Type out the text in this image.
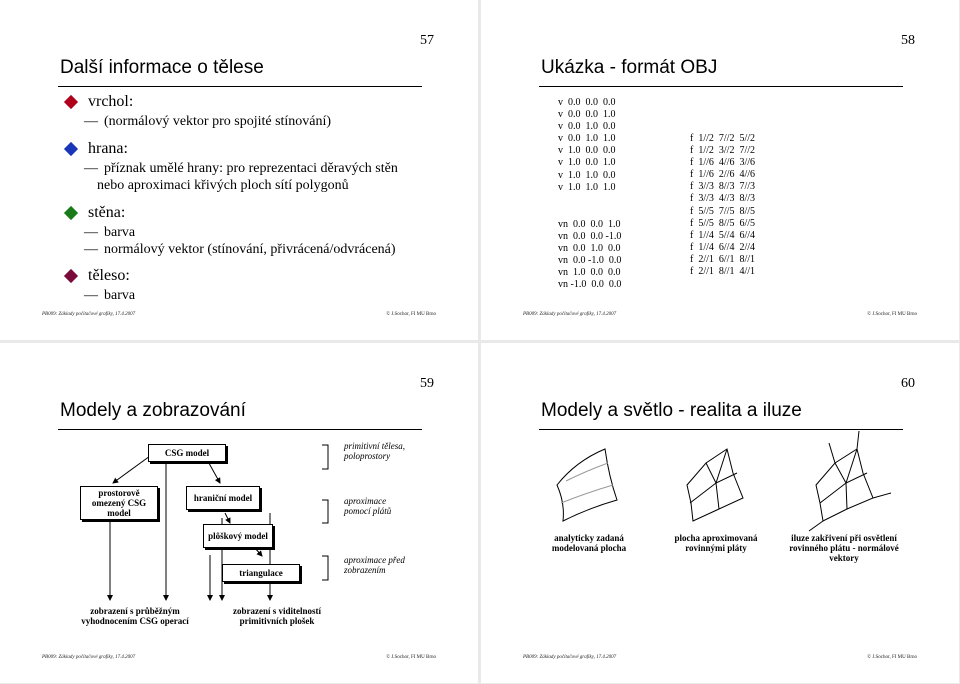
57
Další informace o tělese
vrchol:
— (normálový vektor pro spojité stínování)
hrana:
— příznak umělé hrany: pro reprezentaci děravých stěn
nebo aproximaci křivých ploch sítí polygonů
stěna:
— barva
— normálový vektor (stínování, přivrácená/odvrácená)
těleso:
— barva
PB009: Základy počítačové grafiky, 17.4.2007	© J.Sochor, FI MU Brno
58
Ukázka - formát OBJ
v  0.0  0.0  0.0
v  0.0  0.0  1.0
v  0.0  1.0  0.0
v  0.0  1.0  1.0
v  1.0  0.0  0.0
v  1.0  0.0  1.0
v  1.0  1.0  0.0
v  1.0  1.0  1.0
vn  0.0  0.0  1.0
vn  0.0  0.0 -1.0
vn  0.0  1.0  0.0
vn  0.0 -1.0  0.0
vn  1.0  0.0  0.0
vn -1.0  0.0  0.0
f  1//2  7//2  5//2
f  1//2  3//2  7//2
f  1//6  4//6  3//6
f  1//6  2//6  4//6
f  3//3  8//3  7//3
f  3//3  4//3  8//3
f  5//5  7//5  8//5
f  5//5  8//5  6//5
f  1//4  5//4  6//4
f  1//4  6//4  2//4
f  2//1  6//1  8//1
f  2//1  8//1  4//1
PB009: Základy počítačové grafiky, 17.4.2007	© J.Sochor, FI MU Brno
59
Modely a zobrazování
CSG model
prostorově omezený CSG model
hraniční model
plôškový model
triangulace
primitivní tělesa, poloprostory
aproximace pomocí plátů
aproximace před zobrazením
zobrazení s průběžným vyhodnocením CSG operací
zobrazení s viditelností primitivních plošek
PB009: Základy počítačové grafiky, 17.4.2007	© J.Sochor, FI MU Brno
60
Modely a světlo - realita a iluze
analyticky zadaná modelovaná plocha
plocha aproximovaná rovinnými pláty
iluze zakřivení při osvětlení rovinného plátu - normálové vektory
PB009: Základy počítačové grafiky, 17.4.2007	© J.Sochor, FI MU Brno
